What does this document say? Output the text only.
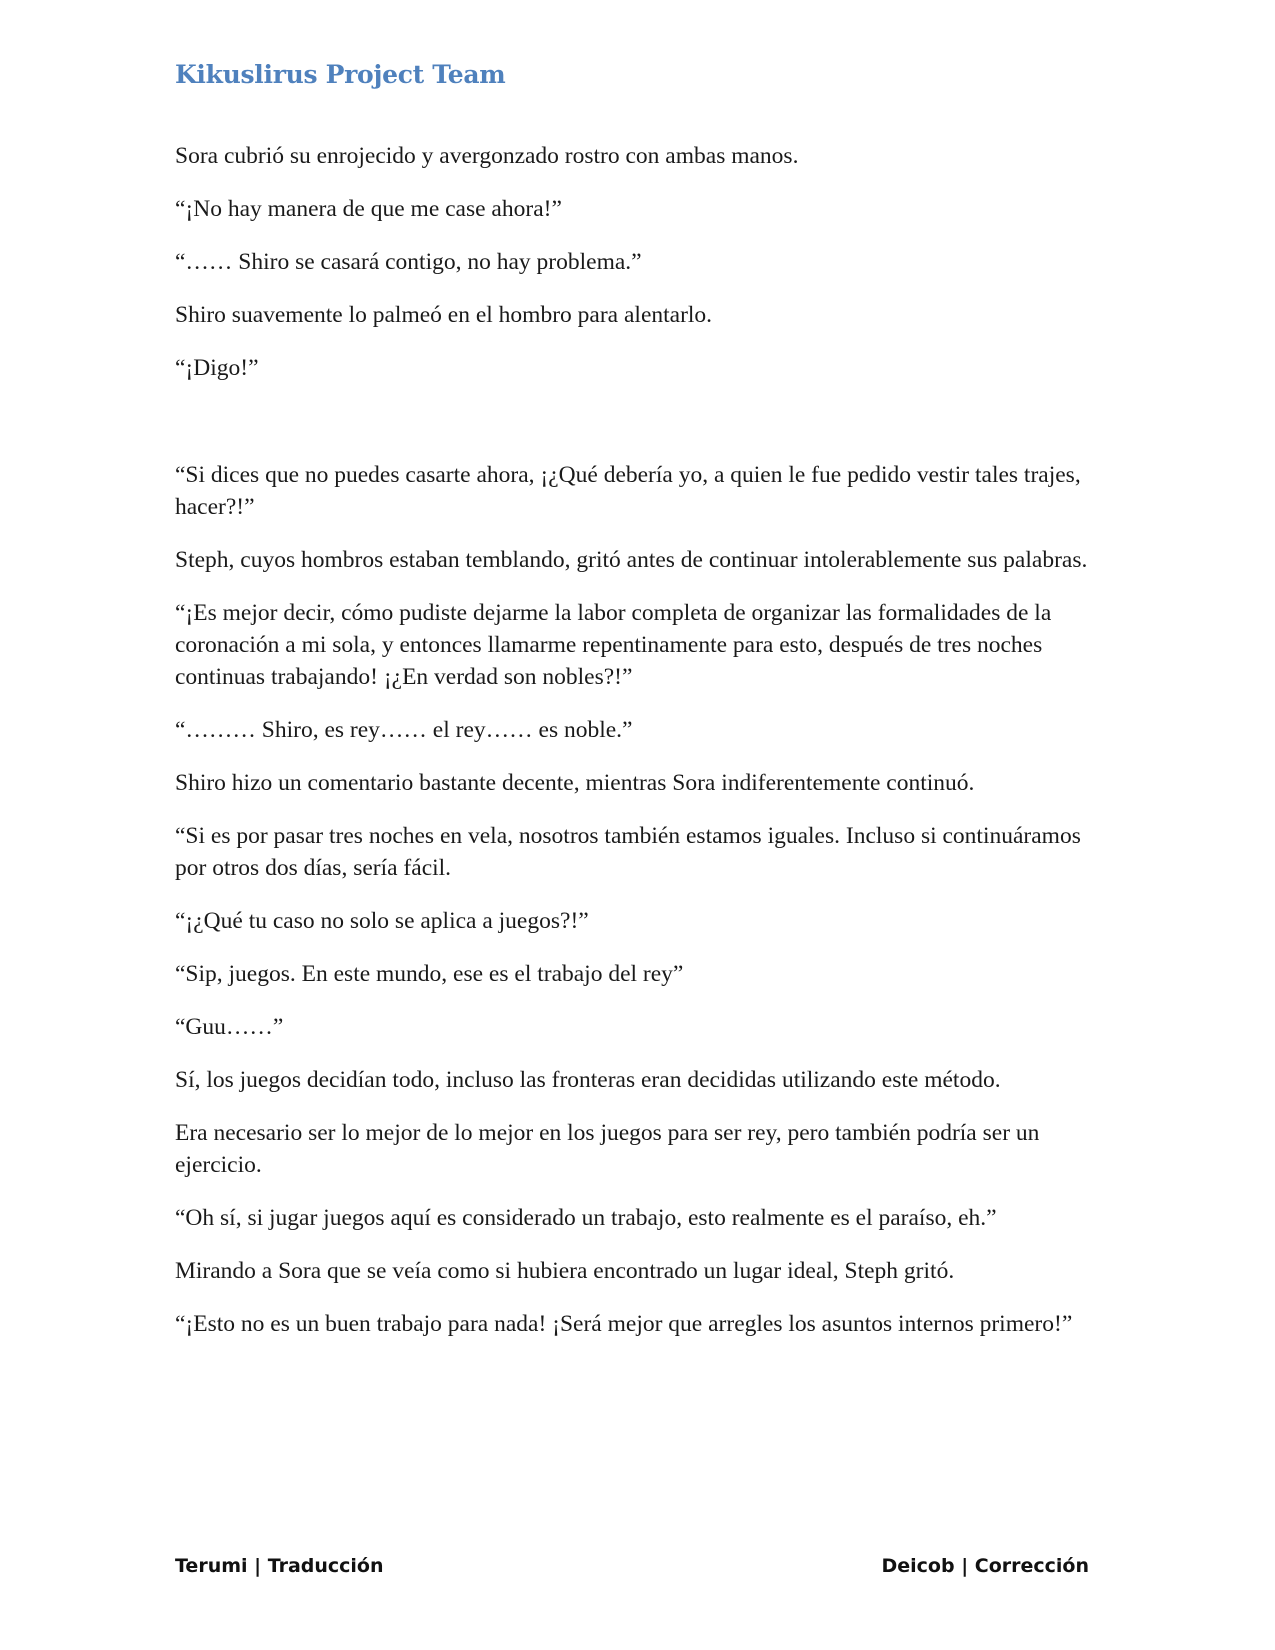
Kikuslirus Project Team

Sora cubrió su enrojecido y avergonzado rostro con ambas manos.

“¡No hay manera de que me case ahora!”

“…… Shiro se casará contigo, no hay problema.”

Shiro suavemente lo palmeó en el hombro para alentarlo.

“¡Digo!”

“Si dices que no puedes casarte ahora, ¡¿Qué debería yo, a quien le fue pedido vestir tales trajes, hacer?!”

Steph, cuyos hombros estaban temblando, gritó antes de continuar intolerablemente sus palabras.

“¡Es mejor decir, cómo pudiste dejarme la labor completa de organizar las formalidades de la coronación a mi sola, y entonces llamarme repentinamente para esto, después de tres noches continuas trabajando! ¡¿En verdad son nobles?!”

“……… Shiro, es rey…… el rey…… es noble.”

Shiro hizo un comentario bastante decente, mientras Sora indiferentemente continuó.

“Si es por pasar tres noches en vela, nosotros también estamos iguales. Incluso si continuáramos por otros dos días, sería fácil.

“¡¿Qué tu caso no solo se aplica a juegos?!”

“Sip, juegos. En este mundo, ese es el trabajo del rey”

“Guu……”

Sí, los juegos decidían todo, incluso las fronteras eran decididas utilizando este método.

Era necesario ser lo mejor de lo mejor en los juegos para ser rey, pero también podría ser un ejercicio.

“Oh sí, si jugar juegos aquí es considerado un trabajo, esto realmente es el paraíso, eh.”

Mirando a Sora que se veía como si hubiera encontrado un lugar ideal, Steph gritó.

“¡Esto no es un buen trabajo para nada! ¡Será mejor que arregles los asuntos internos primero!”

Terumi | Traducción	Deicob | Corrección
